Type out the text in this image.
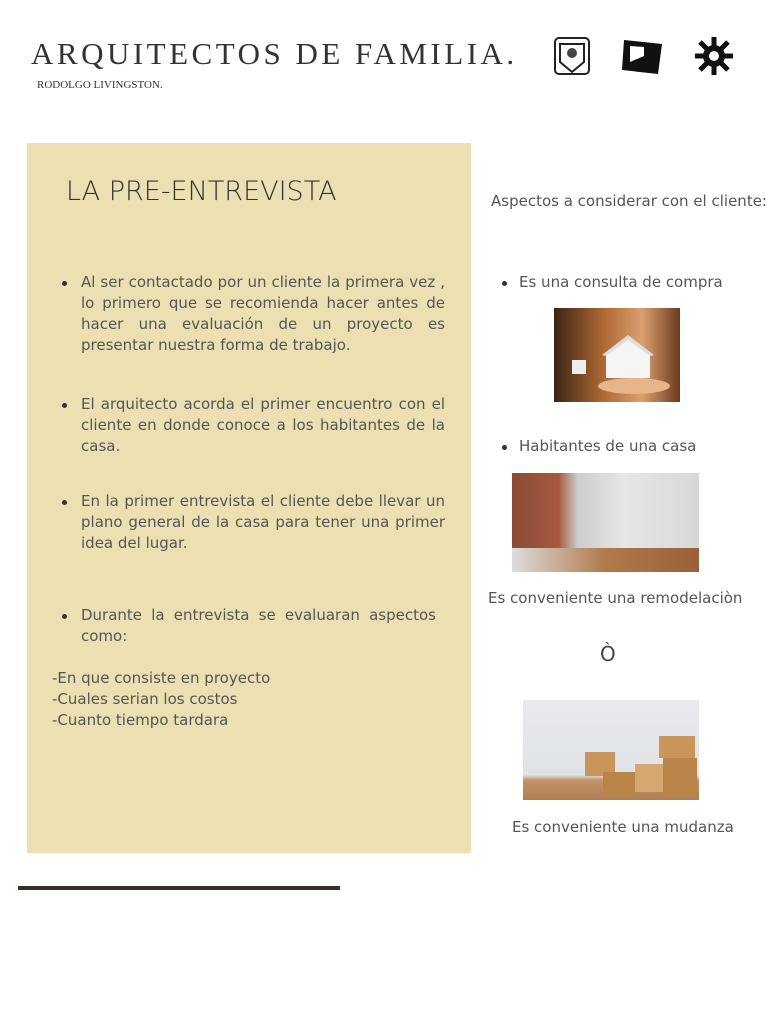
ARQUITECTOS DE FAMILIA.
RODOLGO LIVINGSTON.
LA PRE-ENTREVISTA
Al ser contactado por un cliente la primera vez , lo primero que se recomienda hacer antes de hacer una evaluación de un proyecto es presentar nuestra forma de trabajo.
El arquitecto acorda el primer encuentro con el cliente en donde conoce a los habitantes de la casa.
En la primer entrevista el cliente debe llevar un plano general de la casa para tener una primer idea del lugar.
Durante la entrevista se evaluaran aspectos como:
-En que consiste en proyecto
-Cuales serian los costos
-Cuanto tiempo tardara
Aspectos a considerar con el cliente:
Es una consulta de compra
Habitantes de una casa
Es conveniente una remodelaciòn
Ò
Es conveniente una mudanza
